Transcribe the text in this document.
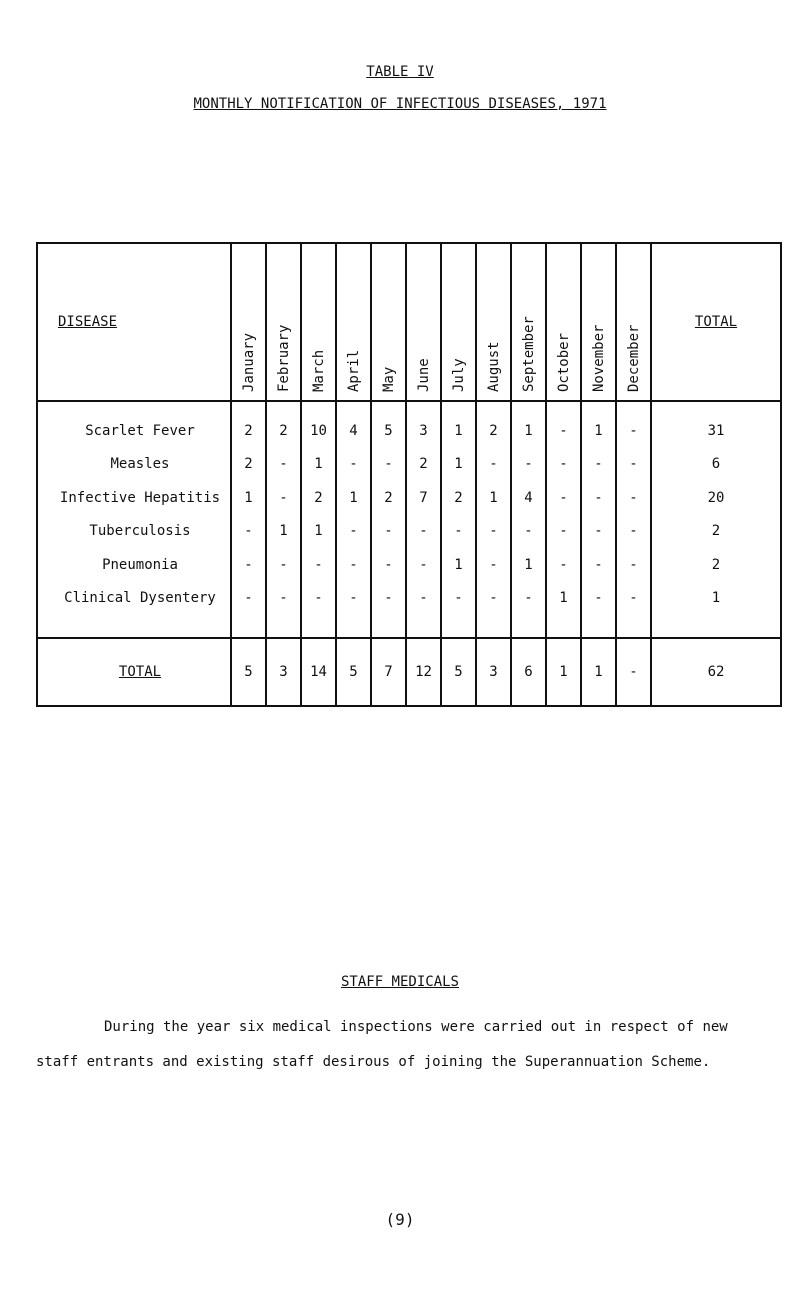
TABLE IV
MONTHLY NOTIFICATION OF INFECTIOUS DISEASES, 1971
DISEASE	January	February	March	April	May	June	July	August	September	October	November	December	TOTAL
Scarlet Fever	2	2	10	4	5	3	1	2	1	-	1	-	31
Measles	2	-	1	-	-	2	1	-	-	-	-	-	6
Infective Hepatitis	1	-	2	1	2	7	2	1	4	-	-	-	20
Tuberculosis	-	1	1	-	-	-	-	-	-	-	-	-	2
Pneumonia	-	-	-	-	-	-	1	-	1	-	-	-	2
Clinical Dysentery	-	-	-	-	-	-	-	-	-	1	-	-	1
TOTAL	5	3	14	5	7	12	5	3	6	1	1	-	62
STAFF MEDICALS
During the year six medical inspections were carried out in respect of new
staff entrants and existing staff desirous of joining the Superannuation Scheme.
(9)
